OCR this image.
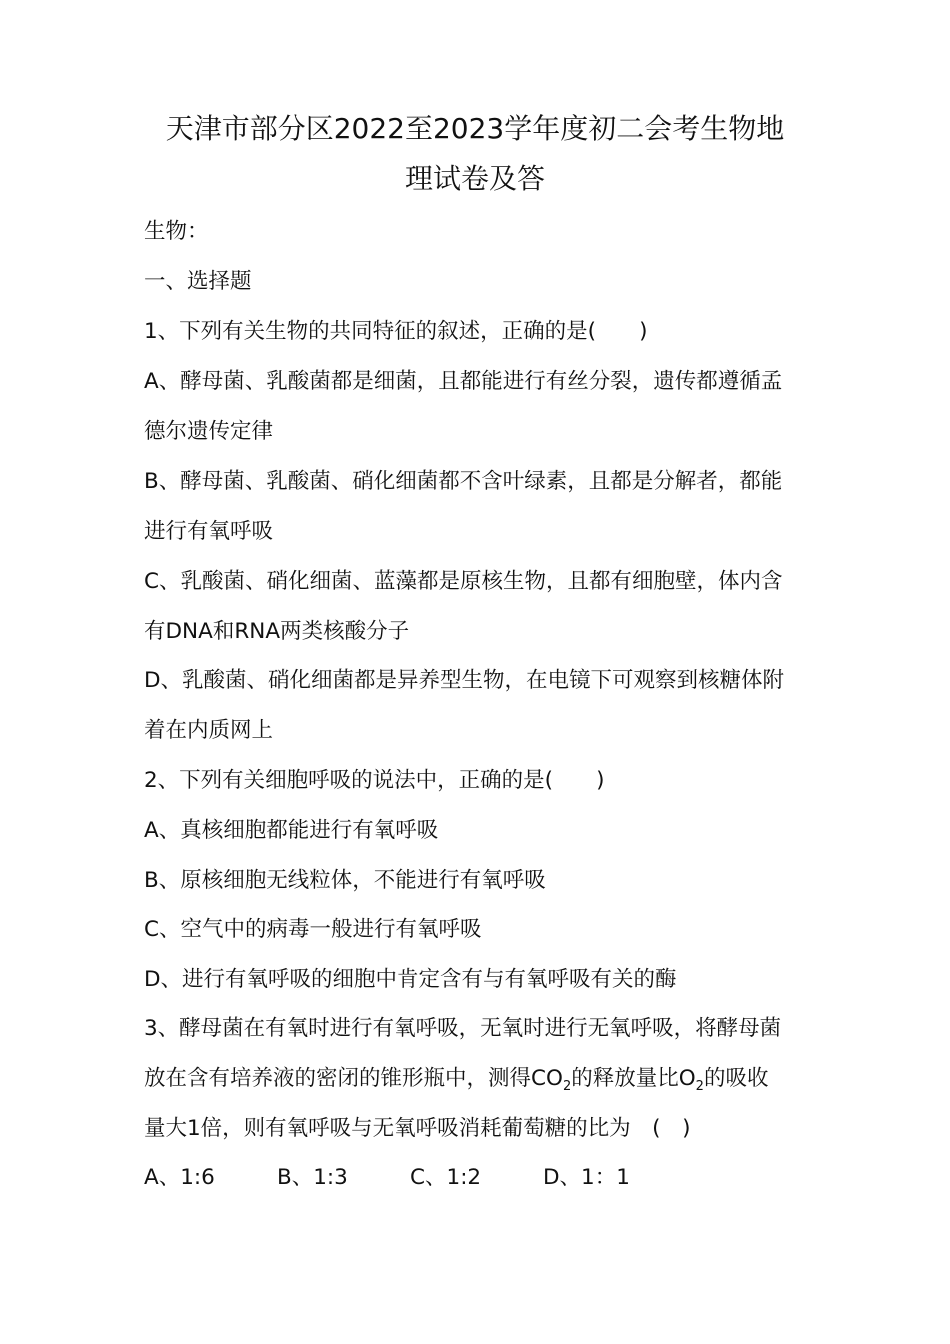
天津市部分区2022至2023学年度初二会考生物地
理试卷及答
生物：
一、选择题
1、下列有关生物的共同特征的叙述，正确的是(　　)
A、酵母菌、乳酸菌都是细菌，且都能进行有丝分裂，遗传都遵循孟
德尔遗传定律
B、酵母菌、乳酸菌、硝化细菌都不含叶绿素，且都是分解者，都能
进行有氧呼吸
C、乳酸菌、硝化细菌、蓝藻都是原核生物，且都有细胞壁，体内含
有DNA和RNA两类核酸分子
D、乳酸菌、硝化细菌都是异养型生物，在电镜下可观察到核糖体附
着在内质网上
2、下列有关细胞呼吸的说法中，正确的是(　　)
A、真核细胞都能进行有氧呼吸
B、原核细胞无线粒体，不能进行有氧呼吸
C、空气中的病毒一般进行有氧呼吸
D、进行有氧呼吸的细胞中肯定含有与有氧呼吸有关的酶
3、酵母菌在有氧时进行有氧呼吸，无氧时进行无氧呼吸，将酵母菌
放在含有培养液的密闭的锥形瓶中，测得$CO_2$的释放量比$O_2$的吸收
量大1倍，则有氧呼吸与无氧呼吸消耗葡萄糖的比为　(　)
A、1:6	B、1:3	C、1:2	D、1：1
